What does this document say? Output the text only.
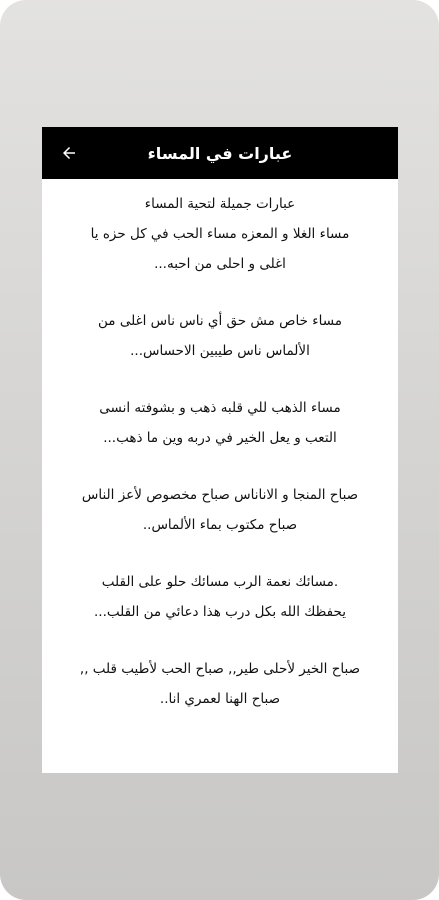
عبارات في المساء

عبارات جميلة لتحية المساء
مساء الغلا و المعزه مساء الحب في كل حزه يا
اغلى و احلى من احبه...

مساء خاص مش حق أي ناس ناس اغلى من
الألماس ناس طيبين الاحساس...

مساء الذهب للي قلبه ذهب و بشوفته انسى
التعب و يعل الخير في دربه وين ما ذهب...

صباح المنجا و الاناناس صباح مخصوص لأعز الناس
صباح مكتوب بماء الألماس..

.مسائك نعمة الرب مسائك حلو على القلب
يحفظك الله بكل درب هذا دعائي من القلب...

صباح الخير لأحلى طير,, صباح الحب لأطيب قلب ,,
صباح الهنا لعمري انا..
